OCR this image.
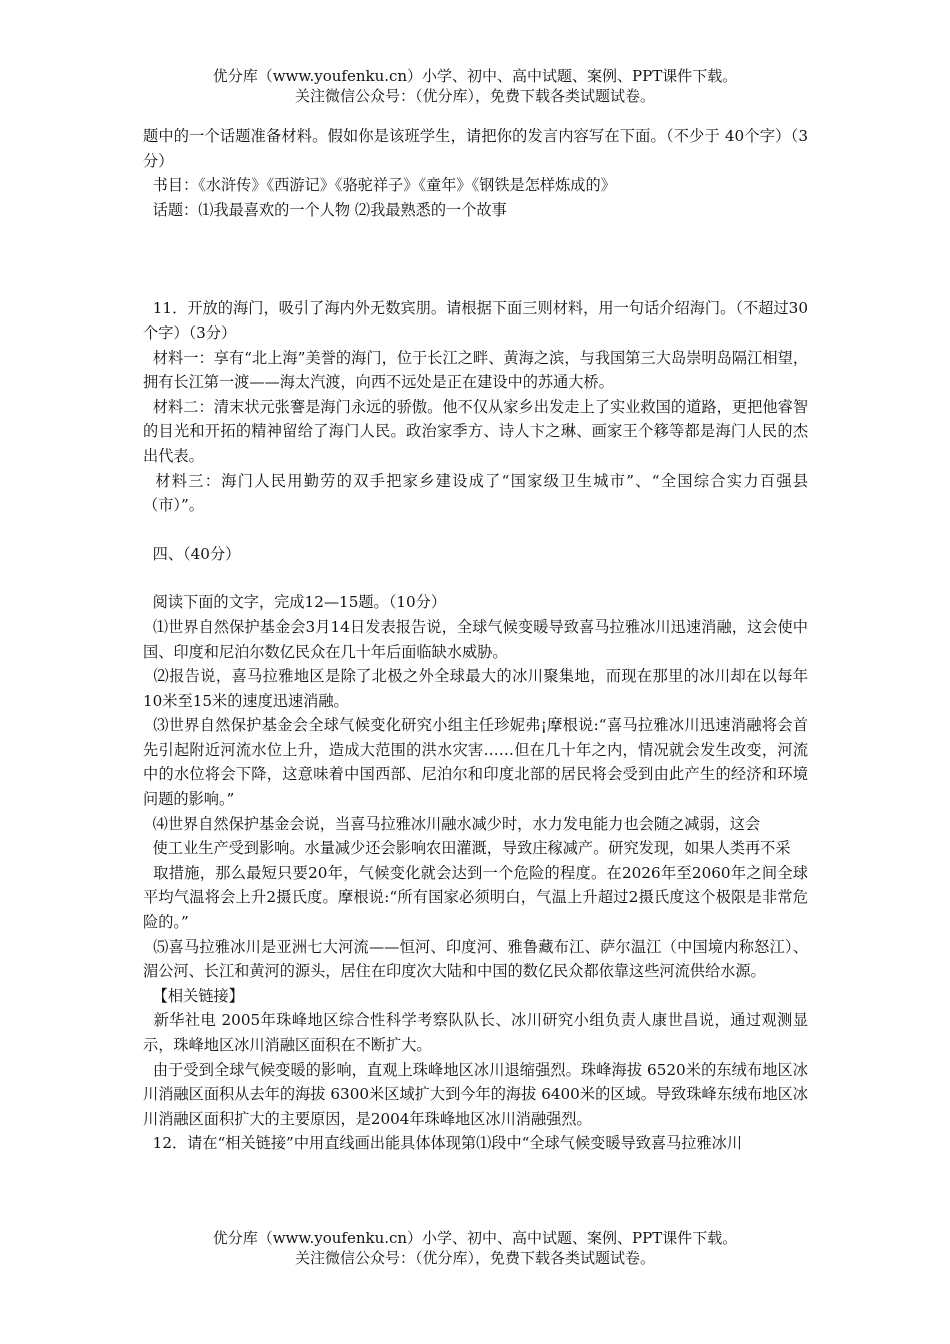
优分库（www.youfenku.cn）小学、初中、高中试题、案例、PPT课件下载。
关注微信公众号：（优分库），免费下载各类试题试卷。

题中的一个话题准备材料。假如你是该班学生，请把你的发言内容写在下面。（不少于 40个字）（3分）

书目：《水浒传》《西游记》《骆驼祥子》《童年》《钢铁是怎样炼成的》

话题：⑴我最喜欢的一个人物 ⑵我最熟悉的一个故事

11．开放的海门，吸引了海内外无数宾朋。请根据下面三则材料，用一句话介绍海门。（不超过30个字）（3分）

材料一：享有“北上海”美誉的海门，位于长江之畔、黄海之滨，与我国第三大岛崇明岛隔江相望，拥有长江第一渡——海太汽渡，向西不远处是正在建设中的苏通大桥。

材料二：清末状元张謇是海门永远的骄傲。他不仅从家乡出发走上了实业救国的道路，更把他睿智的目光和开拓的精神留给了海门人民。政治家季方、诗人卞之琳、画家王个簃等都是海门人民的杰出代表。

材料三：海门人民用勤劳的双手把家乡建设成了“国家级卫生城市”、“全国综合实力百强县（市）”。

四、（40分）

阅读下面的文字，完成12—15题。（10分）

⑴世界自然保护基金会3月14日发表报告说，全球气候变暖导致喜马拉雅冰川迅速消融，这会使中国、印度和尼泊尔数亿民众在几十年后面临缺水威胁。

⑵报告说，喜马拉雅地区是除了北极之外全球最大的冰川聚集地，而现在那里的冰川却在以每年10米至15米的速度迅速消融。

⑶世界自然保护基金会全球气候变化研究小组主任珍妮弗¡摩根说:“喜马拉雅冰川迅速消融将会首先引起附近河流水位上升，造成大范围的洪水灾害……但在几十年之内，情况就会发生改变，河流中的水位将会下降，这意味着中国西部、尼泊尔和印度北部的居民将会受到由此产生的经济和环境问题的影响。”

⑷世界自然保护基金会说，当喜马拉雅冰川融水减少时，水力发电能力也会随之减弱，这会

使工业生产受到影响。水量减少还会影响农田灌溉，导致庄稼减产。研究发现，如果人类再不采

取措施，那么最短只要20年，气候变化就会达到一个危险的程度。在2026年至2060年之间全球平均气温将会上升2摄氏度。摩根说:“所有国家必须明白，气温上升超过2摄氏度这个极限是非常危险的。”

⑸喜马拉雅冰川是亚洲七大河流——恒河、印度河、雅鲁藏布江、萨尔温江（中国境内称怒江）、湄公河、长江和黄河的源头，居住在印度次大陆和中国的数亿民众都依靠这些河流供给水源。

【相关链接】

新华社电 2005年珠峰地区综合性科学考察队队长、冰川研究小组负责人康世昌说，通过观测显示，珠峰地区冰川消融区面积在不断扩大。

由于受到全球气候变暖的影响，直观上珠峰地区冰川退缩强烈。珠峰海拔 6520米的东绒布地区冰川消融区面积从去年的海拔 6300米区域扩大到今年的海拔 6400米的区域。导致珠峰东绒布地区冰川消融区面积扩大的主要原因，是2004年珠峰地区冰川消融强烈。

12．请在“相关链接”中用直线画出能具体体现第⑴段中“全球气候变暖导致喜马拉雅冰川

优分库（www.youfenku.cn）小学、初中、高中试题、案例、PPT课件下载。
关注微信公众号：（优分库），免费下载各类试题试卷。
